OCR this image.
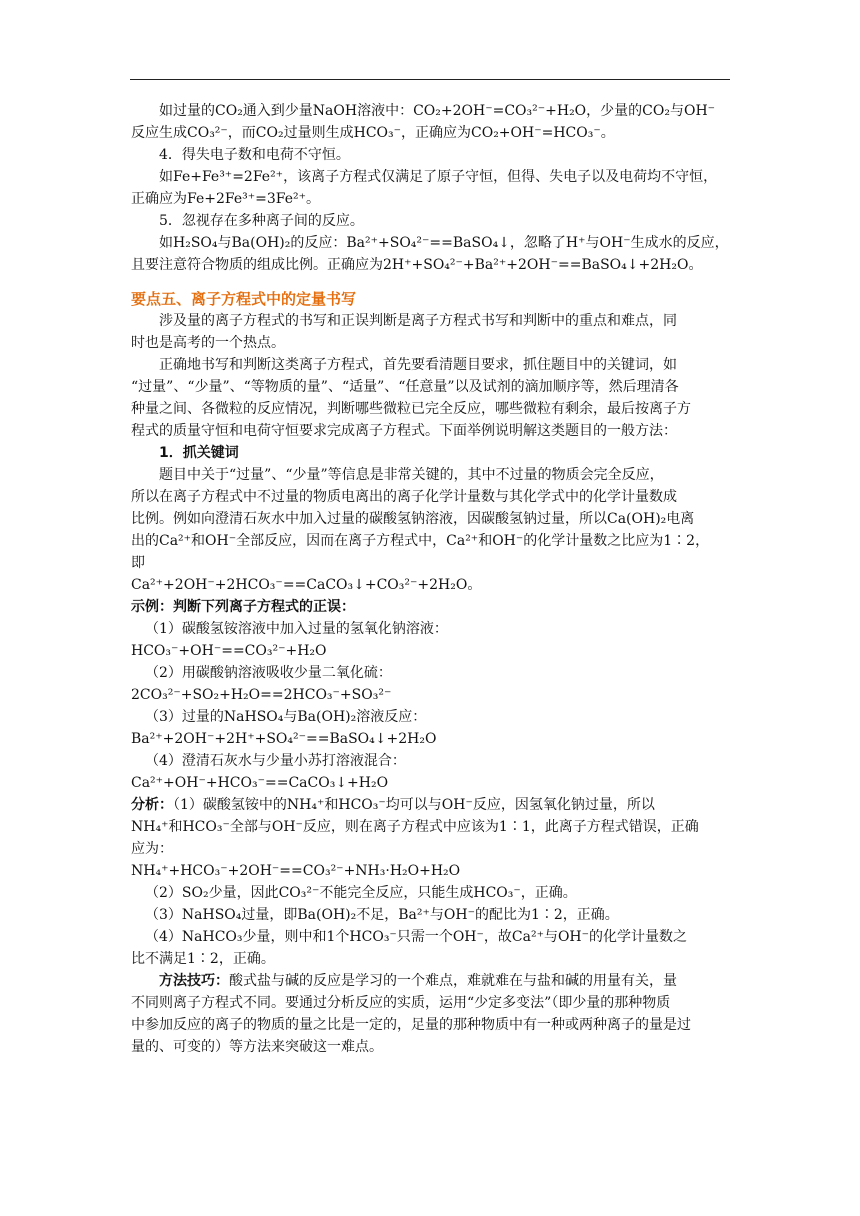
如过量的CO₂通入到少量NaOH溶液中：CO₂+2OH⁻=CO₃²⁻+H₂O，少量的CO₂与OH⁻

反应生成CO₃²⁻，而CO₂过量则生成HCO₃⁻，正确应为CO₂+OH⁻=HCO₃⁻。

4．得失电子数和电荷不守恒。

如Fe+Fe³⁺=2Fe²⁺，该离子方程式仅满足了原子守恒，但得、失电子以及电荷均不守恒，

正确应为Fe+2Fe³⁺=3Fe²⁺。

5．忽视存在多种离子间的反应。

如H₂SO₄与Ba(OH)₂的反应：Ba²⁺+SO₄²⁻==BaSO₄↓，忽略了H⁺与OH⁻生成水的反应，

且要注意符合物质的组成比例。正确应为2H⁺+SO₄²⁻+Ba²⁺+2OH⁻==BaSO₄↓+2H₂O。

要点五、离子方程式中的定量书写

涉及量的离子方程式的书写和正误判断是离子方程式书写和判断中的重点和难点，同

时也是高考的一个热点。

正确地书写和判断这类离子方程式，首先要看清题目要求，抓住题目中的关键词，如

“过量”、“少量”、“等物质的量”、“适量”、“任意量”以及试剂的滴加顺序等，然后理清各

种量之间、各微粒的反应情况，判断哪些微粒已完全反应，哪些微粒有剩余，最后按离子方

程式的质量守恒和电荷守恒要求完成离子方程式。下面举例说明解这类题目的一般方法：

1．抓关键词

题目中关于“过量”、“少量”等信息是非常关键的，其中不过量的物质会完全反应，

所以在离子方程式中不过量的物质电离出的离子化学计量数与其化学式中的化学计量数成

比例。例如向澄清石灰水中加入过量的碳酸氢钠溶液，因碳酸氢钠过量，所以Ca(OH)₂电离

出的Ca²⁺和OH⁻全部反应，因而在离子方程式中，Ca²⁺和OH⁻的化学计量数之比应为1∶2，

即

Ca²⁺+2OH⁻+2HCO₃⁻==CaCO₃↓+CO₃²⁻+2H₂O。

示例：判断下列离子方程式的正误：

（1）碳酸氢铵溶液中加入过量的氢氧化钠溶液：

HCO₃⁻+OH⁻==CO₃²⁻+H₂O

（2）用碳酸钠溶液吸收少量二氧化硫：

2CO₃²⁻+SO₂+H₂O==2HCO₃⁻+SO₃²⁻

（3）过量的NaHSO₄与Ba(OH)₂溶液反应：

Ba²⁺+2OH⁻+2H⁺+SO₄²⁻==BaSO₄↓+2H₂O

（4）澄清石灰水与少量小苏打溶液混合：

Ca²⁺+OH⁻+HCO₃⁻==CaCO₃↓+H₂O

分析：（1）碳酸氢铵中的NH₄⁺和HCO₃⁻均可以与OH⁻反应，因氢氧化钠过量，所以

NH₄⁺和HCO₃⁻全部与OH⁻反应，则在离子方程式中应该为1∶1，此离子方程式错误，正确

应为：

NH₄⁺+HCO₃⁻+2OH⁻==CO₃²⁻+NH₃·H₂O+H₂O

（2）SO₂少量，因此CO₃²⁻不能完全反应，只能生成HCO₃⁻，正确。

（3）NaHSO₄过量，即Ba(OH)₂不足，Ba²⁺与OH⁻的配比为1∶2，正确。

（4）NaHCO₃少量，则中和1个HCO₃⁻只需一个OH⁻，故Ca²⁺与OH⁻的化学计量数之

比不满足1∶2，正确。

方法技巧：酸式盐与碱的反应是学习的一个难点，难就难在与盐和碱的用量有关，量

不同则离子方程式不同。要通过分析反应的实质，运用“少定多变法”（即少量的那种物质

中参加反应的离子的物质的量之比是一定的，足量的那种物质中有一种或两种离子的量是过

量的、可变的）等方法来突破这一难点。
